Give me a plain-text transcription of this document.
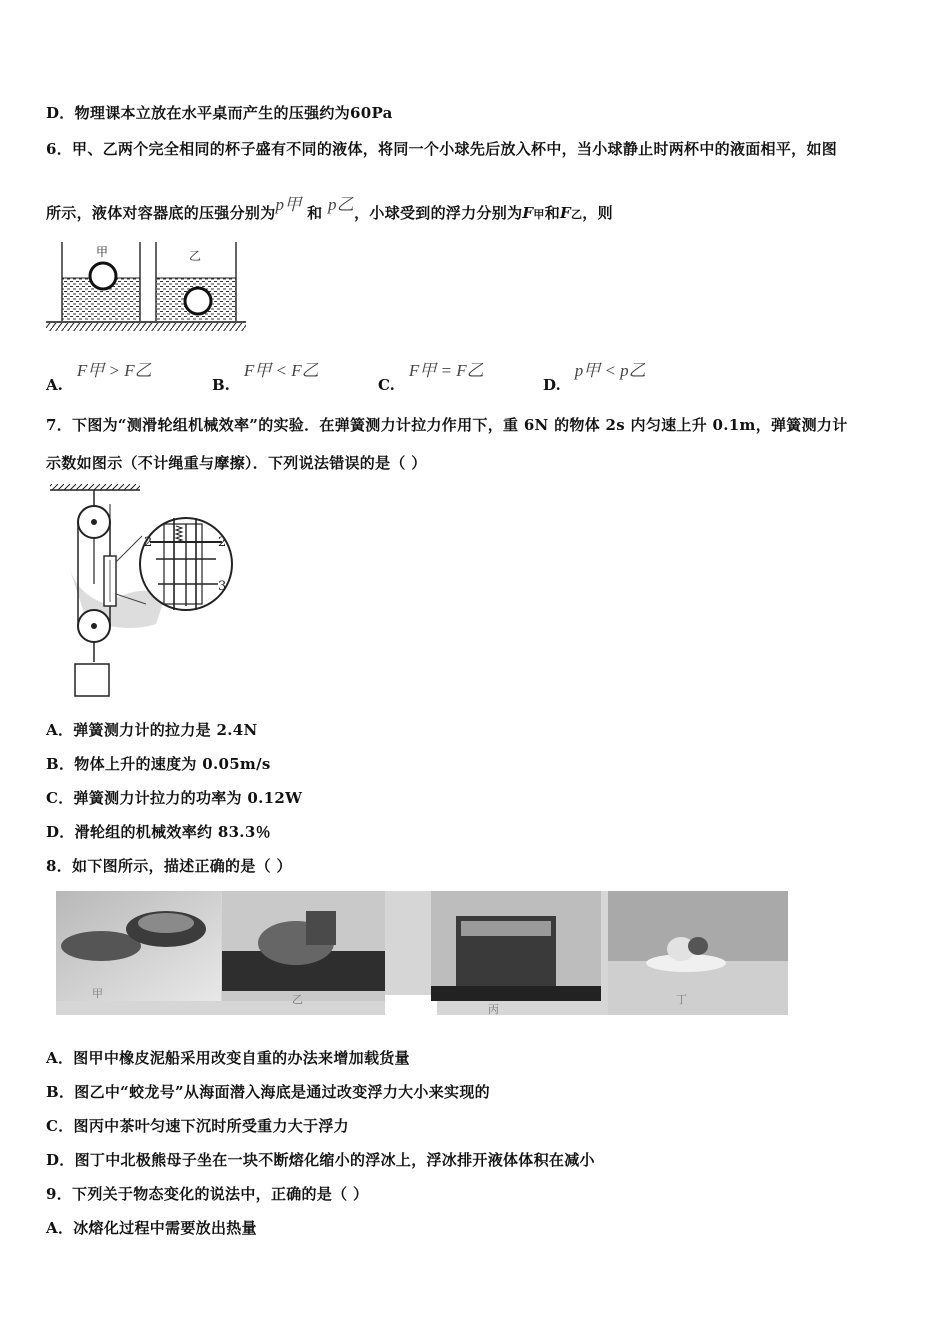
D．物理课本立放在水平桌而产生的压强约为60Pa
6．甲、乙两个完全相同的杯子盛有不同的液体，将同一个小球先后放入杯中，当小球静止时两杯中的液面相平，如图
所示，液体对容器底的压强分别为p甲 和 p乙，小球受到的浮力分别为F甲和F乙，则
甲	乙
A.F甲 > F乙
B.F甲 < F乙
C.F甲 = F乙
D.p甲 < p乙
7．下图为“测滑轮组机械效率”的实验．在弹簧测力计拉力作用下，重 6N 的物体 2s 内匀速上升 0.1m，弹簧测力计
示数如图示（不计绳重与摩擦）．下列说法错误的是（ ）
2	2
3
A．弹簧测力计的拉力是 2.4N
B．物体上升的速度为 0.05m/s
C．弹簧测力计拉力的功率为 0.12W
D．滑轮组的机械效率约 83.3％
8．如下图所示，描述正确的是（ ）
甲	乙
丙
丁
A．图甲中橡皮泥船采用改变自重的办法来增加载货量
B．图乙中“蛟龙号”从海面潜入海底是通过改变浮力大小来实现的
C．图丙中茶叶匀速下沉时所受重力大于浮力
D．图丁中北极熊母子坐在一块不断熔化缩小的浮冰上，浮冰排开液体体积在减小
9．下列关于物态变化的说法中，正确的是（ ）
A．冰熔化过程中需要放出热量
